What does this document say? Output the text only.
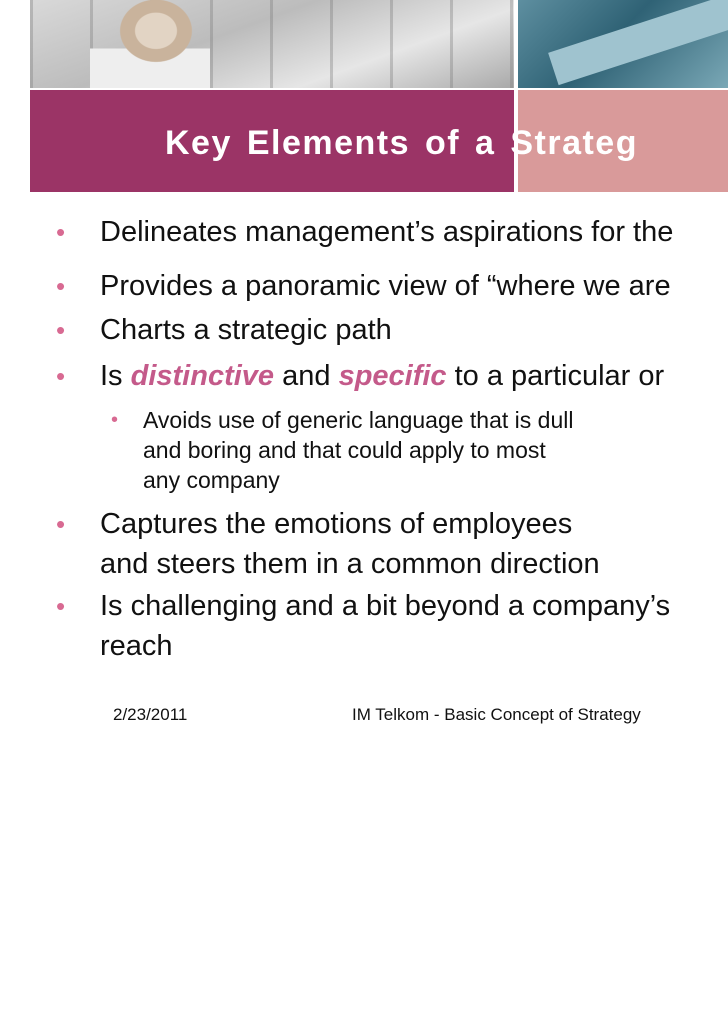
Key Elements of a Strateg
• Delineates management’s aspirations for the
• Provides a panoramic view of “where we are
• Charts a strategic path
• Is distinctive and specific to a particular or
• Avoids use of generic language that is dull
and boring and that could apply to most
any company
• Captures the emotions of employees
and steers them in a common direction
• Is challenging and a bit beyond a company’s
reach
2/23/2011	IM Telkom - Basic Concept of Strategy
